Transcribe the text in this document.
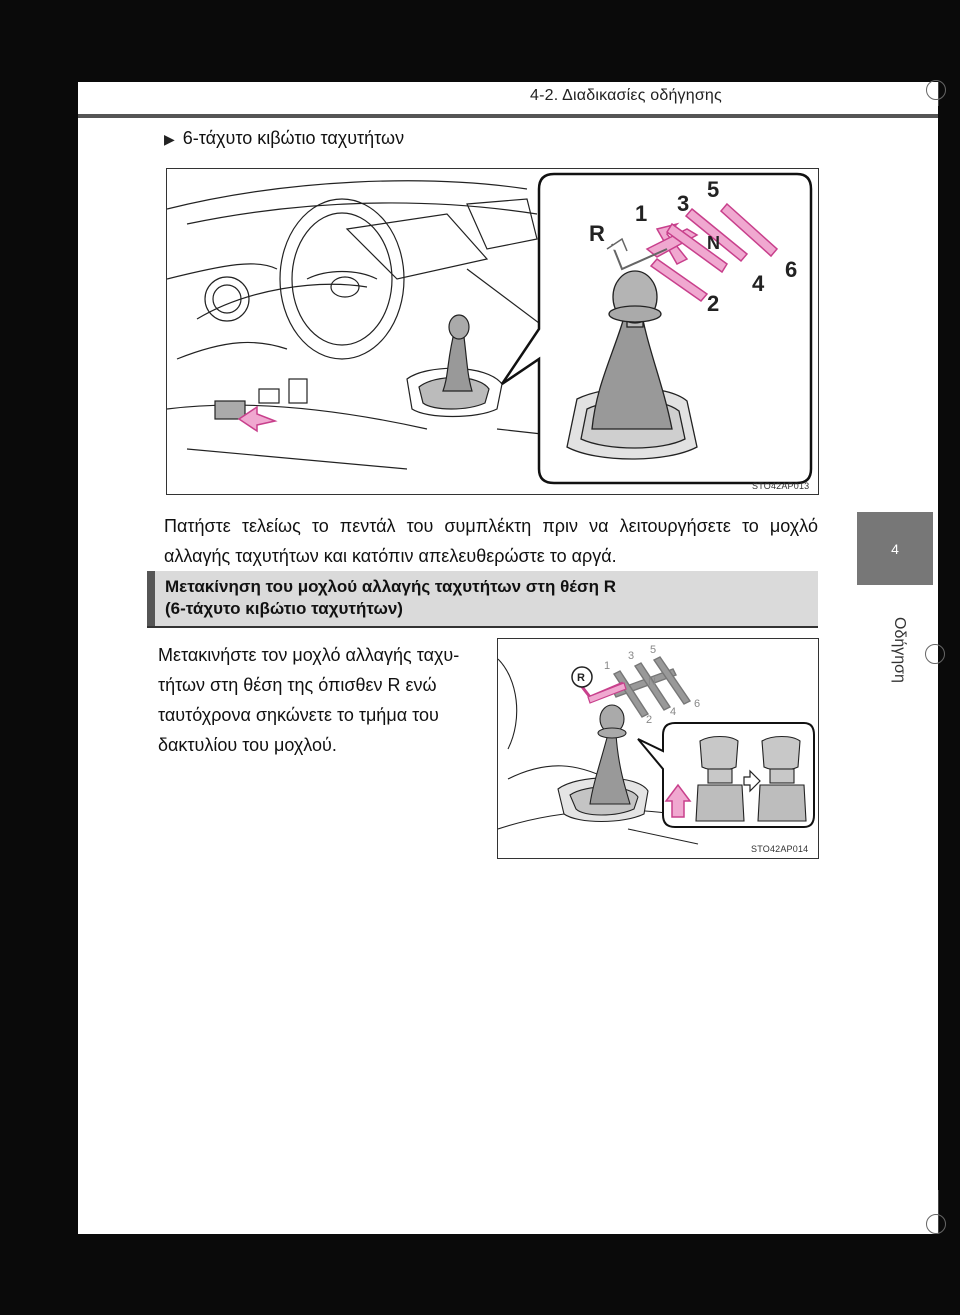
4-2. Διαδικασίες οδήγησης
4
Οδήγηση
▶ 6-τάχυτο κιβώτιο ταχυτήτων
R
1
2
3
4
5
6
N
STO42AP013
Πατήστε τελείως το πεντάλ του συμπλέκτη πριν να λειτουργήσετε το μοχλό αλλαγής ταχυτήτων και κατόπιν απελευθερώστε το αργά.
Μετακίνηση του μοχλού αλλαγής ταχυτήτων στη θέση R
(6-τάχυτο κιβώτιο ταχυτήτων)
Μετακινήστε τον μοχλό αλλαγής ταχυ-
τήτων στη θέση της όπισθεν R ενώ
ταυτόχρονα σηκώνετε το τμήμα του
δακτυλίου του μοχλού.
R
1
2
3
4
5
6
N
STO42AP014
